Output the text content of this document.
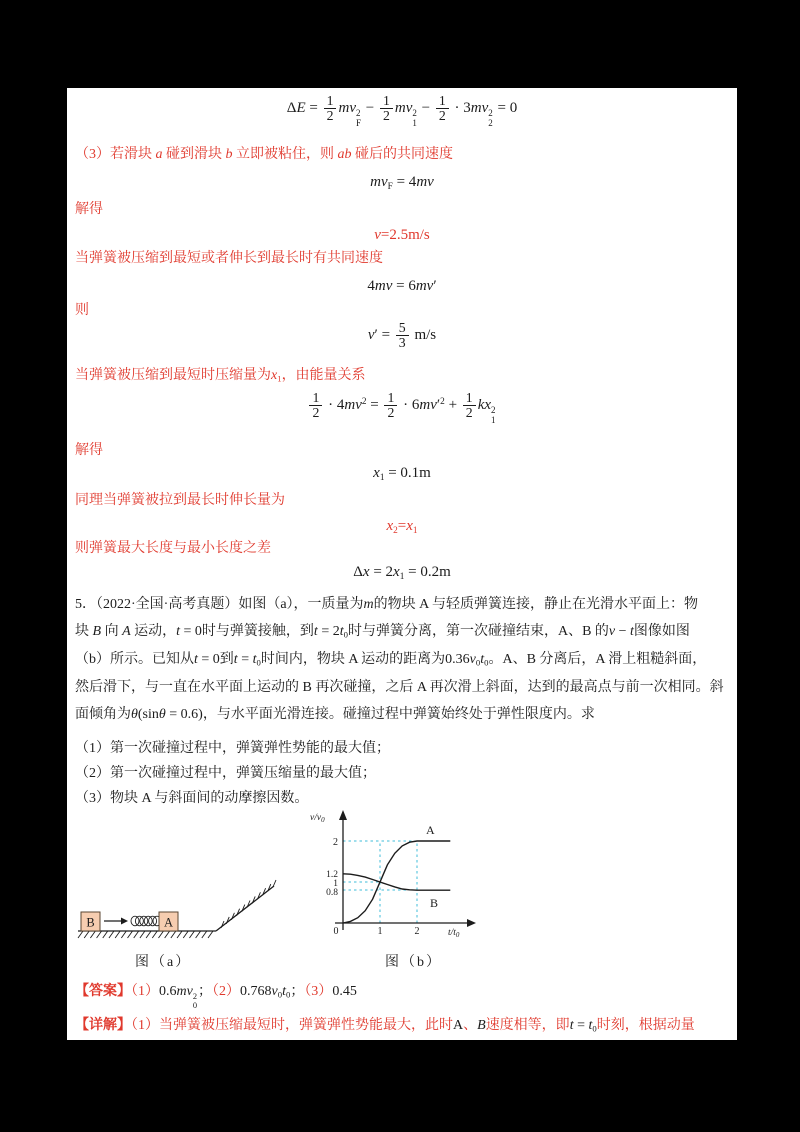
$\Delta E = \frac{1}{2}$ mv 2
F
− $\frac{1}{2}$ mv 2
1
− $\frac{1}{2} \cdot 3mv$ 2
2
= 0
（3）若滑块 a 碰到滑块 b 立即被粘住，则 ab 碰后的共同速度
mvF = 4mv
解得
v=2.5m/s
当弹簧被压缩到最短或者伸长到最长时有共同速度
4mv = 6mv′
则
$v' = \frac{5}{3} m/s$
当弹簧被压缩到最短时压缩量为x1，由能量关系
$\frac{1}{2} \cdot 4mv^2 = \frac{1}{2} \cdot 6mv'^2 + \frac{1}{2}$ kx 2
1
解得
x1 = 0.1m
同理当弹簧被拉到最长时伸长量为
x2=x1
则弹簧最大长度与最小长度之差
Δx = 2x1 = 0.2m
5．（2022·全国·高考真题）如图（a），一质量为m的物块 A 与轻质弹簧连接，静止在光滑水平面上：物
块 B 向 A 运动，t = 0时与弹簧接触，到t = 2t0时与弹簧分离，第一次碰撞结束，A、B 的v − t图像如图
（b）所示。已知从t = 0到t = t0时间内，物块 A 运动的距离为0.36v0t0。A、B 分离后，A 滑上粗糙斜面，
然后滑下，与一直在水平面上运动的 B 再次碰撞，之后 A 再次滑上斜面，达到的最高点与前一次相同。斜
面倾角为θ(sinθ = 0.6)，与水平面光滑连接。碰撞过程中弹簧始终处于弹性限度内。求
（1）第一次碰撞过程中，弹簧弹性势能的最大值；
（2）第一次碰撞过程中，弹簧压缩量的最大值；
（3）物块 A 与斜面间的动摩擦因数。
B	A
图（a）
2
1.2
1
0.8
0	1	2
$v/v_0$
$t/t_0$
A
B
图（b）
【答案】（1）0.6mv 2
0
；（2）0.768v0t0；（3）0.45
【详解】（1）当弹簧被压缩最短时，弹簧弹性势能最大，此时A、B速度相等，即t = t0时刻，根据动量
